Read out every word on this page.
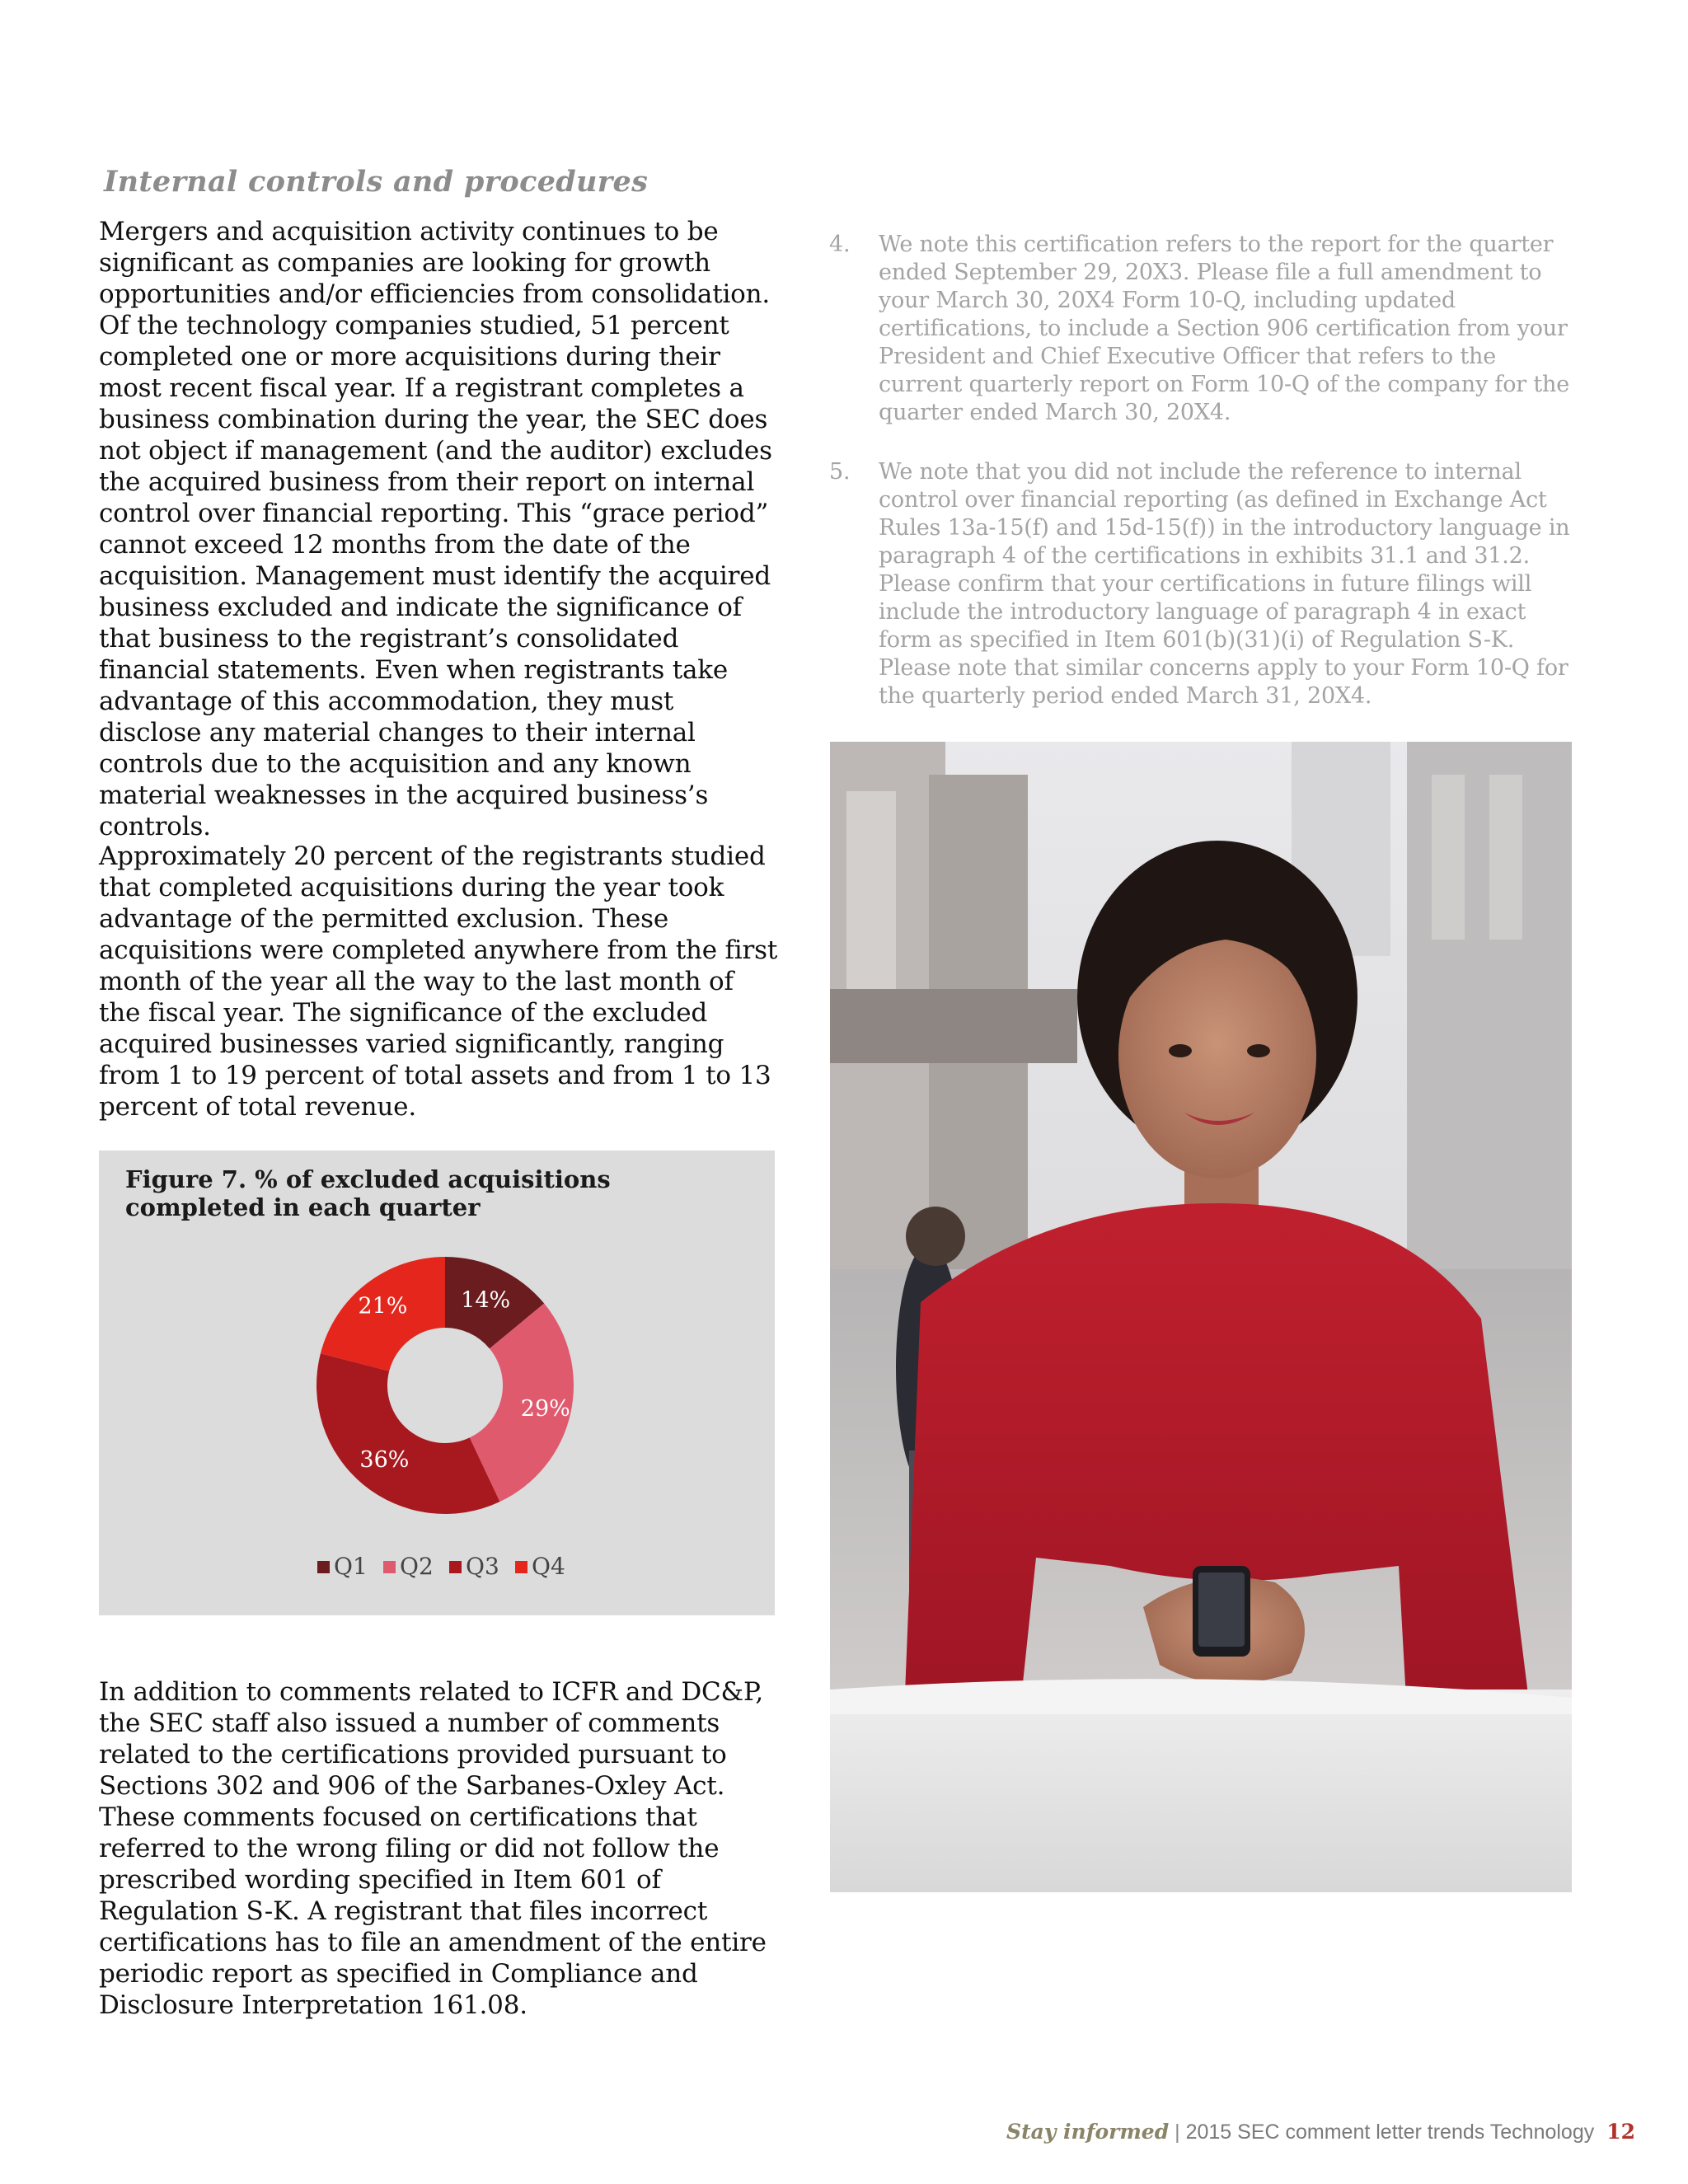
Internal controls and procedures

Mergers and acquisition activity continues to be significant as companies are looking for growth opportunities and/or efficiencies from consolidation. Of the technology companies studied, 51 percent completed one or more acquisitions during their most recent fiscal year. If a registrant completes a business combination during the year, the SEC does not object if management (and the auditor) excludes the acquired business from their report on internal control over financial reporting. This “grace period” cannot exceed 12 months from the date of the acquisition. Management must identify the acquired business excluded and indicate the significance of that business to the registrant’s consolidated financial statements. Even when registrants take advantage of this accommodation, they must disclose any material changes to their internal controls due to the acquisition and any known material weaknesses in the acquired business’s controls.

Approximately 20 percent of the registrants studied that completed acquisitions during the year took advantage of the permitted exclusion. These acquisitions were completed anywhere from the first month of the year all the way to the last month of the fiscal year. The significance of the excluded acquired businesses varied significantly, ranging from 1 to 19 percent of total assets and from 1 to 13 percent of total revenue.

Figure 7. % of excluded acquisitions completed in each quarter

14%
29%
36%
21%
Q1 Q2 Q3 Q4

In addition to comments related to ICFR and DC&P, the SEC staff also issued a number of comments related to the certifications provided pursuant to Sections 302 and 906 of the Sarbanes-Oxley Act. These comments focused on certifications that referred to the wrong filing or did not follow the prescribed wording specified in Item 601 of Regulation S-K. A registrant that files incorrect certifications has to file an amendment of the entire periodic report as specified in Compliance and Disclosure Interpretation 161.08.

4. We note this certification refers to the report for the quarter ended September 29, 20X3. Please file a full amendment to your March 30, 20X4 Form 10-Q, including updated certifications, to include a Section 906 certification from your President and Chief Executive Officer that refers to the current quarterly report on Form 10-Q of the company for the quarter ended March 30, 20X4.
5. We note that you did not include the reference to internal control over financial reporting (as defined in Exchange Act Rules 13a-15(f) and 15d-15(f)) in the introductory language in paragraph 4 of the certifications in exhibits 31.1 and 31.2. Please confirm that your certifications in future filings will include the introductory language of paragraph 4 in exact form as specified in Item 601(b)(31)(i) of Regulation S-K. Please note that similar concerns apply to your Form 10-Q for the quarterly period ended March 31, 20X4.
Stay informed | 2015 SEC comment letter trends Technology 12
